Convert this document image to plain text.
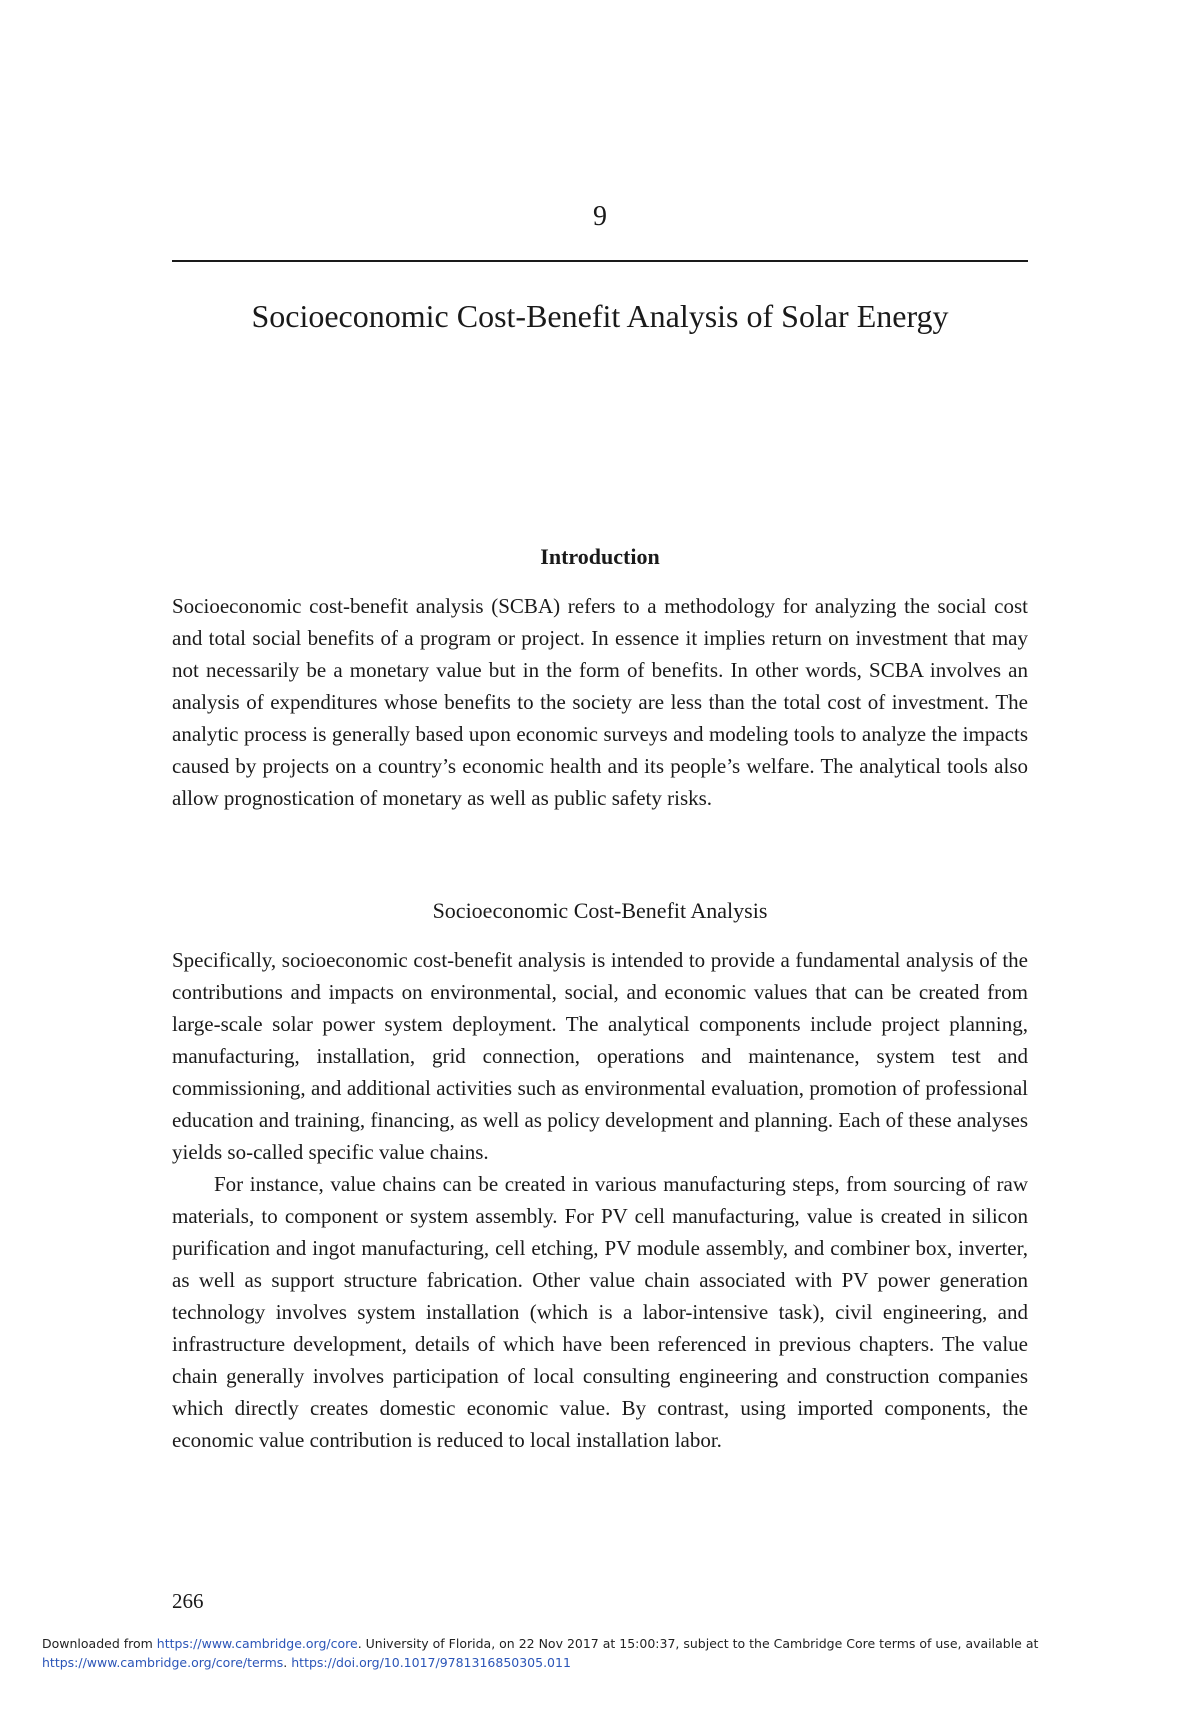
9
Socioeconomic Cost-Benefit Analysis of Solar Energy
Introduction

Socioeconomic cost-benefit analysis (SCBA) refers to a methodology for analyzing the social cost and total social benefits of a program or project. In essence it implies return on investment that may not necessarily be a monetary value but in the form of benefits. In other words, SCBA involves an analysis of expenditures whose benefits to the society are less than the total cost of investment. The analytic process is generally based upon economic surveys and modeling tools to analyze the impacts caused by projects on a country’s economic health and its people’s welfare. The analytical tools also allow prognostication of monetary as well as public safety risks.

Socioeconomic Cost-Benefit Analysis

Specifically, socioeconomic cost-benefit analysis is intended to provide a fundamental analysis of the contributions and impacts on environmental, social, and economic values that can be created from large-scale solar power system deployment. The analytical components include project planning, manufacturing, installation, grid connection, operations and maintenance, system test and commissioning, and additional activities such as environmental evaluation, promotion of professional education and training, financing, as well as policy development and planning. Each of these analyses yields so-called specific value chains.

For instance, value chains can be created in various manufacturing steps, from sourcing of raw materials, to component or system assembly. For PV cell manufacturing, value is created in silicon purification and ingot manufacturing, cell etching, PV module assembly, and combiner box, inverter, as well as support structure fabrication. Other value chain associated with PV power generation technology involves system installation (which is a labor-intensive task), civil engineering, and infrastructure development, details of which have been referenced in previous chapters. The value chain generally involves participation of local consulting engineering and construction companies which directly creates domestic economic value. By contrast, using imported components, the economic value contribution is reduced to local installation labor.

266
Downloaded from https://www.cambridge.org/core. University of Florida, on 22 Nov 2017 at 15:00:37, subject to the Cambridge Core terms of use, available at
https://www.cambridge.org/core/terms. https://doi.org/10.1017/9781316850305.011
